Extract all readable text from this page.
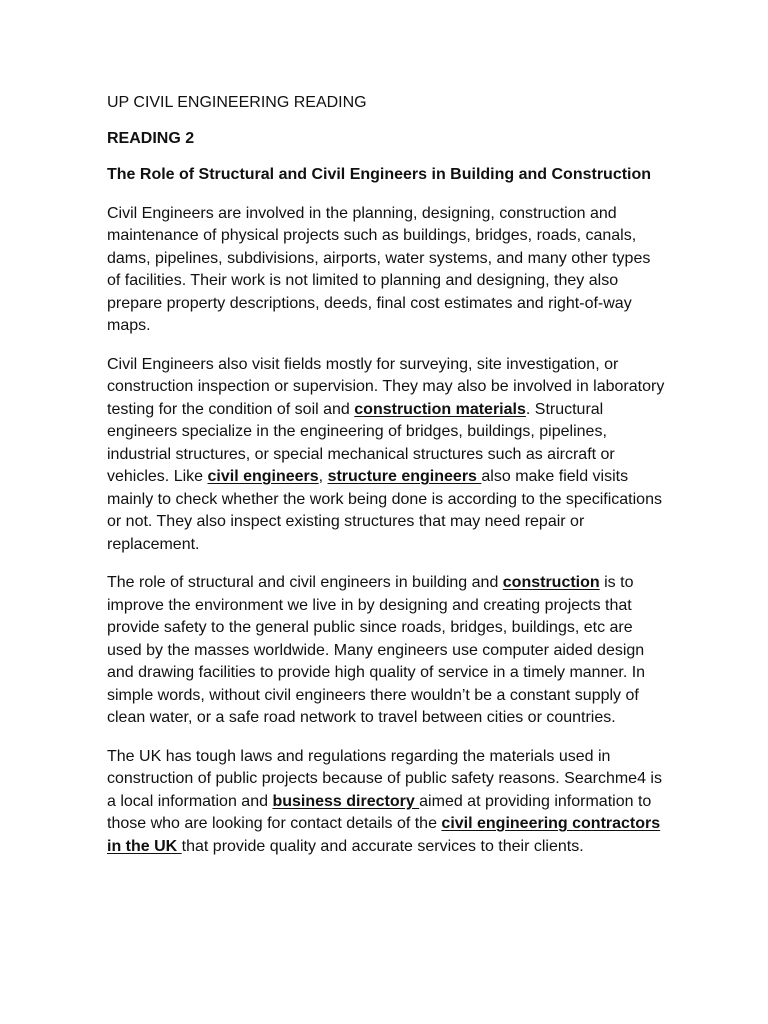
UP CIVIL ENGINEERING READING
READING 2
The Role of Structural and Civil Engineers in Building and Construction

Civil Engineers are involved in the planning, designing, construction and maintenance of physical projects such as buildings, bridges, roads, canals, dams, pipelines, subdivisions, airports, water systems, and many other types of facilities. Their work is not limited to planning and designing, they also prepare property descriptions, deeds, final cost estimates and right-of-way maps.

Civil Engineers also visit fields mostly for surveying, site investigation, or construction inspection or supervision. They may also be involved in laboratory testing for the condition of soil and construction materials. Structural engineers specialize in the engineering of bridges, buildings, pipelines, industrial structures, or special mechanical structures such as aircraft or vehicles. Like civil engineers, structure engineers also make field visits mainly to check whether the work being done is according to the specifications or not. They also inspect existing structures that may need repair or replacement.

The role of structural and civil engineers in building and construction is to improve the environment we live in by designing and creating projects that provide safety to the general public since roads, bridges, buildings, etc are used by the masses worldwide. Many engineers use computer aided design and drawing facilities to provide high quality of service in a timely manner. In simple words, without civil engineers there wouldn’t be a constant supply of clean water, or a safe road network to travel between cities or countries.

The UK has tough laws and regulations regarding the materials used in construction of public projects because of public safety reasons. Searchme4 is a local information and business directory aimed at providing information to those who are looking for contact details of the civil engineering contractors in the UK that provide quality and accurate services to their clients.
